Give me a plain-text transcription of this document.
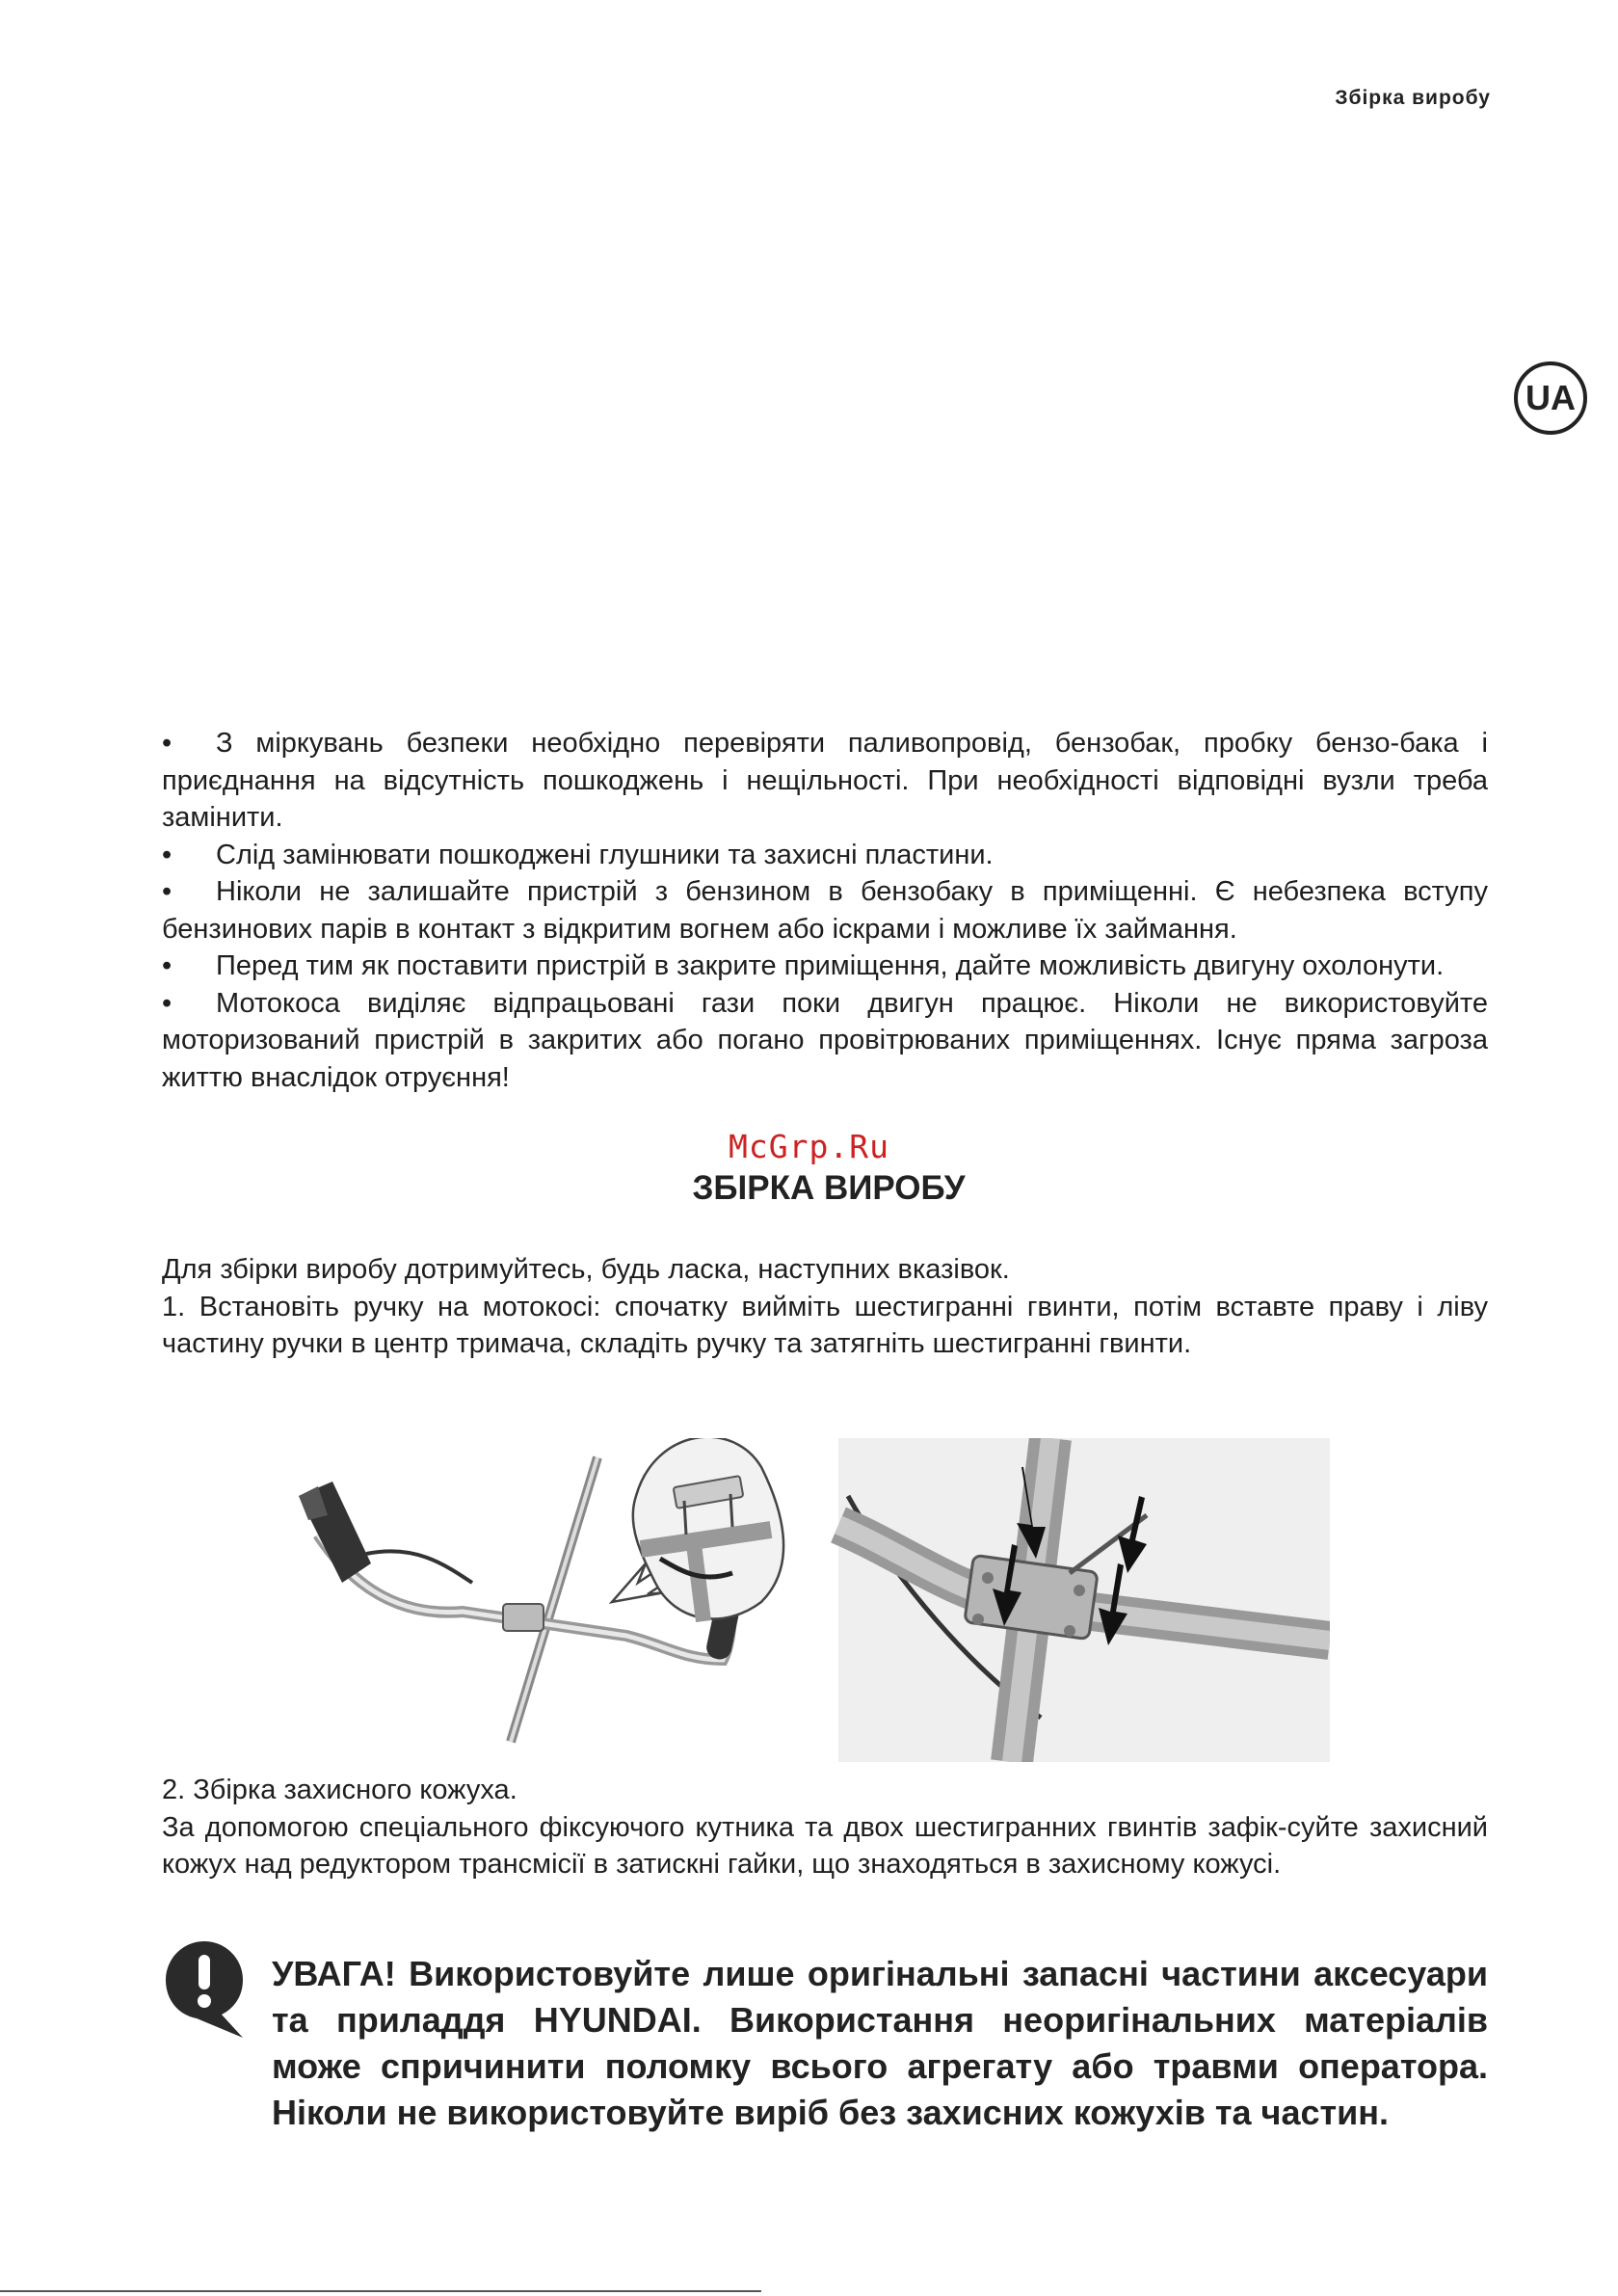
Збірка виробу
UA

• З міркувань безпеки необхідно перевіряти паливопровід, бензобак, пробку бензо-бака і приєднання на відсутність пошкоджень і нещільності. При необхідності відповідні вузли треба замінити.

• Слід замінювати пошкоджені глушники та захисні пластини.

• Ніколи не залишайте пристрій з бензином в бензобаку в приміщенні. Є небезпека вступу бензинових парів в контакт з відкритим вогнем або іскрами і можливе їх займання.

• Перед тим як поставити пристрій в закрите приміщення, дайте можливість двигуну охолонути.

• Мотокоса виділяє відпрацьовані гази поки двигун працює. Ніколи не використовуйте моторизований пристрій в закритих або погано провітрюваних приміщеннях. Існує пряма загроза життю внаслідок отруєння!

McGrp.Ru
ЗБІРКА ВИРОБУ

Для збірки виробу дотримуйтесь, будь ласка, наступних вказівок.

1. Встановіть ручку на мотокосі: спочатку вийміть шестигранні гвинти, потім вставте праву і ліву частину ручки в центр тримача, складіть ручку та затягніть шестигранні гвинти.

2. Збірка захисного кожуха.

За допомогою спеціального фіксуючого кутника та двох шестигранних гвинтів зафік-суйте захисний кожух над редуктором трансмісії в затискні гайки, що знаходяться в захисному кожусі.

УВАГА! Використовуйте лише оригінальні запасні частини аксесуари та приладдя HYUNDAI. Використання неоригінальних матеріалів може спричинити поломку всього агрегату або травми оператора. Ніколи не використовуйте виріб без захисних кожухів та частин.
